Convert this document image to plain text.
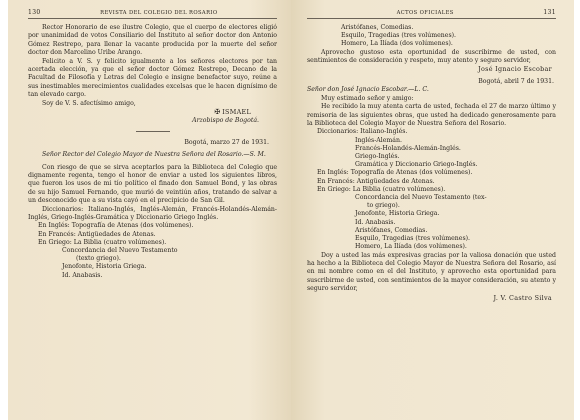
130	REVISTA DEL COLEGIO DEL ROSARIO

Rector Honorario de ese ilustre Colegio, que el cuerpo de electores eligió por unanimidad de votos Consiliario del Instituto al señor doctor don Antonio Gómez Restrepo, para llenar la vacante producida por la muerte del señor doctor don Marcelino Uribe Arango.

Felicito a V. S. y felicito igualmente a los señores electores por tan acertada elección, ya que el señor doctor Gómez Restrepo, Decano de la Facultad de Filosofía y Letras del Colegio e insigne benefactor suyo, reúne a sus inestimables merecimientos cualidades excelsas que le hacen dignísimo de tan elevado cargo.

Soy de V. S. afectísimo amigo,

✠ ISMAEL
Arzobispo de Bogotá.
Bogotá, marzo 27 de 1931.

Señor Rector del Colegio Mayor de Nuestra Señora del Rosario.—S. M.

Con riesgo de que se sirva aceptarlos para la Biblioteca del Colegio que dignamente regenta, tengo el honor de enviar a usted los siguientes libros, que fueron los usos de mi tío político el finado don Samuel Bond, y las obras de su hijo Samuel Fernando, que murió de veintiún años, tratando de salvar a un desconocido que a su vista cayó en el precipicio de San Gil.

Diccionarios: Italiano-Inglés, Inglés-Alemán, Francés-Holandés-Alemán-Inglés, Griego-Inglés-Gramática y Diccionario Griego Inglés.

En Inglés: Topografía de Atenas (dos volúmenes).
En Francés: Antigüedades de Atenas.
En Griego: La Biblia (cuatro volúmenes).
Concordancia del Nuevo Testamento
(texto griego).
Jenofonte, Historia Griega.
Id. Anabasis.
ACTOS OFICIALES	131
Aristófanes, Comedias.
Esquilo, Tragedias (tres volúmenes).
Homero, La Ilíada (dos volúmenes).

Aprovecho gustoso esta oportunidad de suscribirme de usted, con sentimientos de consideración y respeto, muy atento y seguro servidor,

José Ignacio Escobar
Bogotá, abril 7 de 1931.

Señor don José Ignacio Escobar.—L. C.

Muy estimado señor y amigo:

He recibido la muy atenta carta de usted, fechada el 27 de marzo último y remisoria de las siguientes obras, que usted ha dedicado generosamente para la Biblioteca del Colegio Mayor de Nuestra Señora del Rosario.

Diccionarios: Italiano-Inglés.
Inglés-Alemán.
Francés-Holandés-Alemán-Inglés.
Griego-Inglés.
Gramática y Diccionario Griego-Inglés.
En Inglés: Topografía de Atenas (dos volúmenes).
En Francés: Antigüedades de Atenas.
En Griego: La Biblia (cuatro volúmenes).
Concordancia del Nuevo Testamento (tex-
to griego).
Jenofonte, Historia Griega.
Id. Anabasis.
Aristófanes, Comedias.
Esquilo, Tragedias (tres volúmenes).
Homero, La Ilíada (dos volúmenes).

Doy a usted las más expresivas gracias por la valiosa donación que usted ha hecho a la Biblioteca del Colegio Mayor de Nuestra Señora del Rosario, así en mi nombre como en el del Instituto, y aprovecho esta oportunidad para suscribirme de usted, con sentimientos de la mayor consideración, su atento y seguro servidor,

J. V. Castro Silva
